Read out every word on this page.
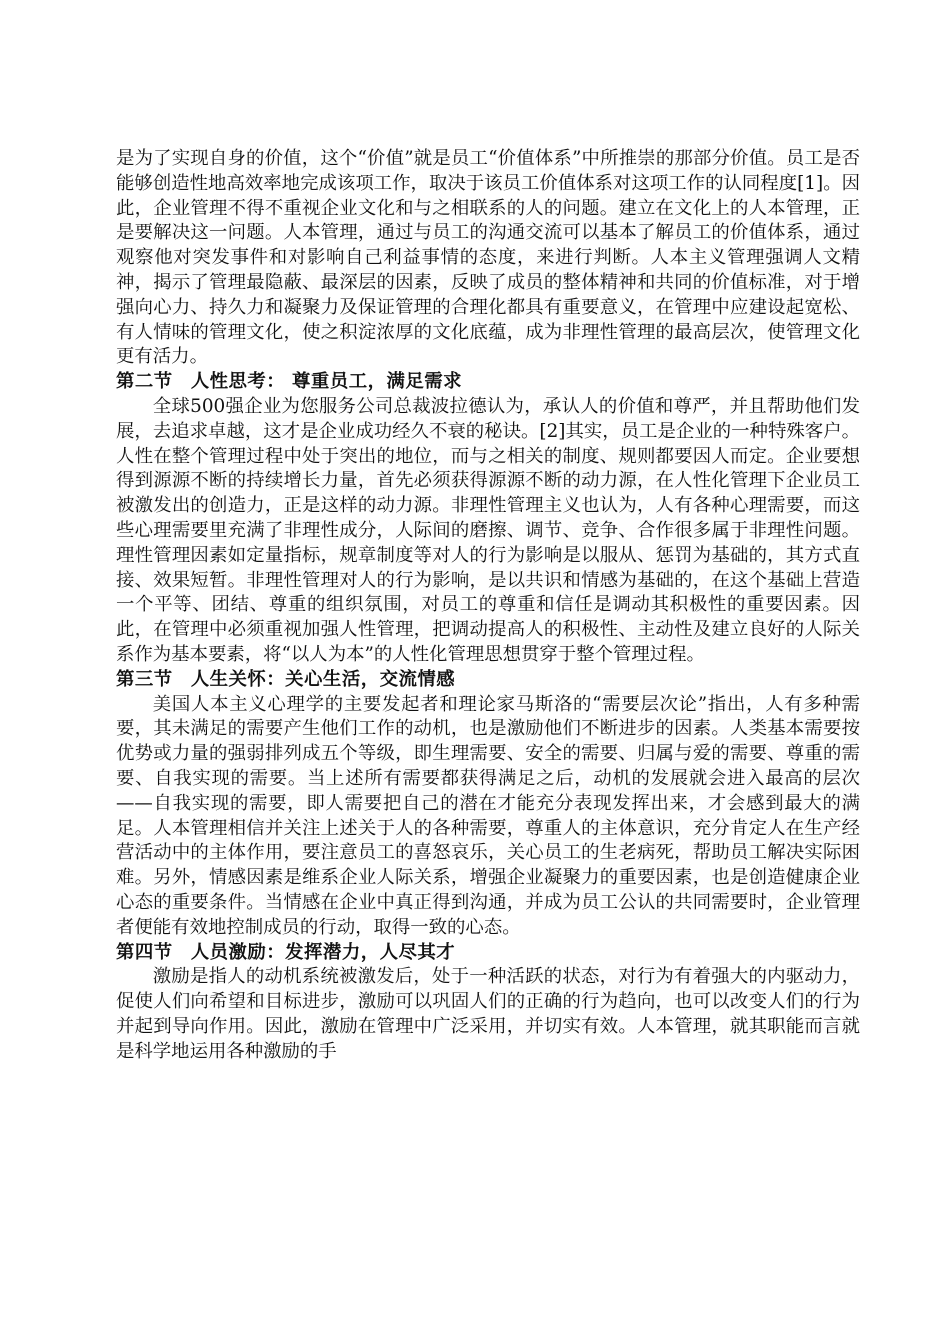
是为了实现自身的价值，这个“价值”就是员工“价值体系”中所推崇的那部分价值。员工是否能够创造性地高效率地完成该项工作，取决于该员工价值体系对这项工作的认同程度[1]。因此，企业管理不得不重视企业文化和与之相联系的人的问题。建立在文化上的人本管理，正是要解决这一问题。人本管理，通过与员工的沟通交流可以基本了解员工的价值体系，通过观察他对突发事件和对影响自己利益事情的态度，来进行判断。人本主义管理强调人文精神，揭示了管理最隐蔽、最深层的因素，反映了成员的整体精神和共同的价值标准，对于增强向心力、持久力和凝聚力及保证管理的合理化都具有重要意义，在管理中应建设起宽松、有人情味的管理文化，使之积淀浓厚的文化底蕴，成为非理性管理的最高层次，使管理文化更有活力。

第二节 人性思考： 尊重员工，满足需求

全球500强企业为您服务公司总裁波拉德认为，承认人的价值和尊严，并且帮助他们发展，去追求卓越，这才是企业成功经久不衰的秘诀。[2]其实，员工是企业的一种特殊客户。人性在整个管理过程中处于突出的地位，而与之相关的制度、规则都要因人而定。企业要想得到源源不断的持续增长力量，首先必须获得源源不断的动力源，在人性化管理下企业员工被激发出的创造力，正是这样的动力源。非理性管理主义也认为，人有各种心理需要，而这些心理需要里充满了非理性成分，人际间的磨擦、调节、竞争、合作很多属于非理性问题。理性管理因素如定量指标，规章制度等对人的行为影响是以服从、惩罚为基础的，其方式直接、效果短暂。非理性管理对人的行为影响，是以共识和情感为基础的，在这个基础上营造一个平等、团结、尊重的组织氛围，对员工的尊重和信任是调动其积极性的重要因素。因此，在管理中必须重视加强人性管理，把调动提高人的积极性、主动性及建立良好的人际关系作为基本要素，将“以人为本”的人性化管理思想贯穿于整个管理过程。

第三节 人生关怀：关心生活，交流情感

美国人本主义心理学的主要发起者和理论家马斯洛的“需要层次论”指出，人有多种需要，其未满足的需要产生他们工作的动机，也是激励他们不断进步的因素。人类基本需要按优势或力量的强弱排列成五个等级，即生理需要、安全的需要、归属与爱的需要、尊重的需要、自我实现的需要。当上述所有需要都获得满足之后，动机的发展就会进入最高的层次——自我实现的需要，即人需要把自己的潜在才能充分表现发挥出来，才会感到最大的满足。人本管理相信并关注上述关于人的各种需要，尊重人的主体意识，充分肯定人在生产经营活动中的主体作用，要注意员工的喜怒哀乐，关心员工的生老病死，帮助员工解决实际困难。另外，情感因素是维系企业人际关系，增强企业凝聚力的重要因素，也是创造健康企业心态的重要条件。当情感在企业中真正得到沟通，并成为员工公认的共同需要时，企业管理者便能有效地控制成员的行动，取得一致的心态。

第四节 人员激励：发挥潜力，人尽其才

激励是指人的动机系统被激发后，处于一种活跃的状态，对行为有着强大的内驱动力，促使人们向希望和目标进步，激励可以巩固人们的正确的行为趋向，也可以改变人们的行为并起到导向作用。因此，激励在管理中广泛采用，并切实有效。人本管理，就其职能而言就是科学地运用各种激励的手
